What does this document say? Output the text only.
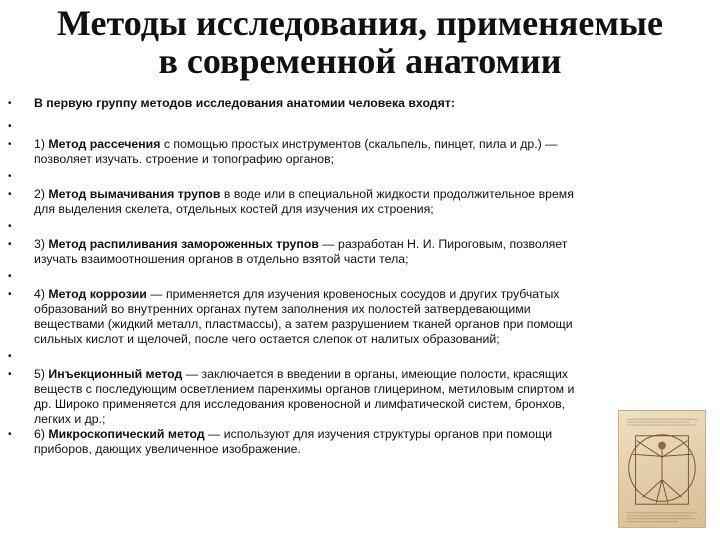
Методы исследования, применяемые
в современной анатомии
•	В первую группу методов исследования анатомии человека входят:
•
•	1) Метод рассечения с помощью простых инструментов (скальпель, пинцет, пила и др.) — позволяет изучать. строение и топографию органов;
•
•	2) Метод вымачивания трупов в воде или в специальной жидкости продолжительное время для выделения скелета, отдельных костей для изучения их строения;
•
•	3) Метод распиливания замороженных трупов — разработан Н. И. Пироговым, позволяет изучать взаимоотношения органов в отдельно взятой части тела;
•
•	4) Метод коррозии — применяется для изучения кровеносных сосудов и других трубчатых образований во внутренних органах путем заполнения их полостей затвердевающими веществами (жидкий металл, пластмассы), а затем разрушением тканей органов при помощи сильных кислот и щелочей, после чего остается слепок от налитых образований;
•
•	5) Инъекционный метод — заключается в введении в органы, имеющие полости, красящих веществ с последующим осветлением паренхимы органов глицерином, метиловым спиртом и др. Широко применяется для исследования кровеносной и лимфатической систем, бронхов, легких и др.;
•	6) Микроскопический метод — используют для изучения структуры органов при помощи приборов, дающих увеличенное изображение.
